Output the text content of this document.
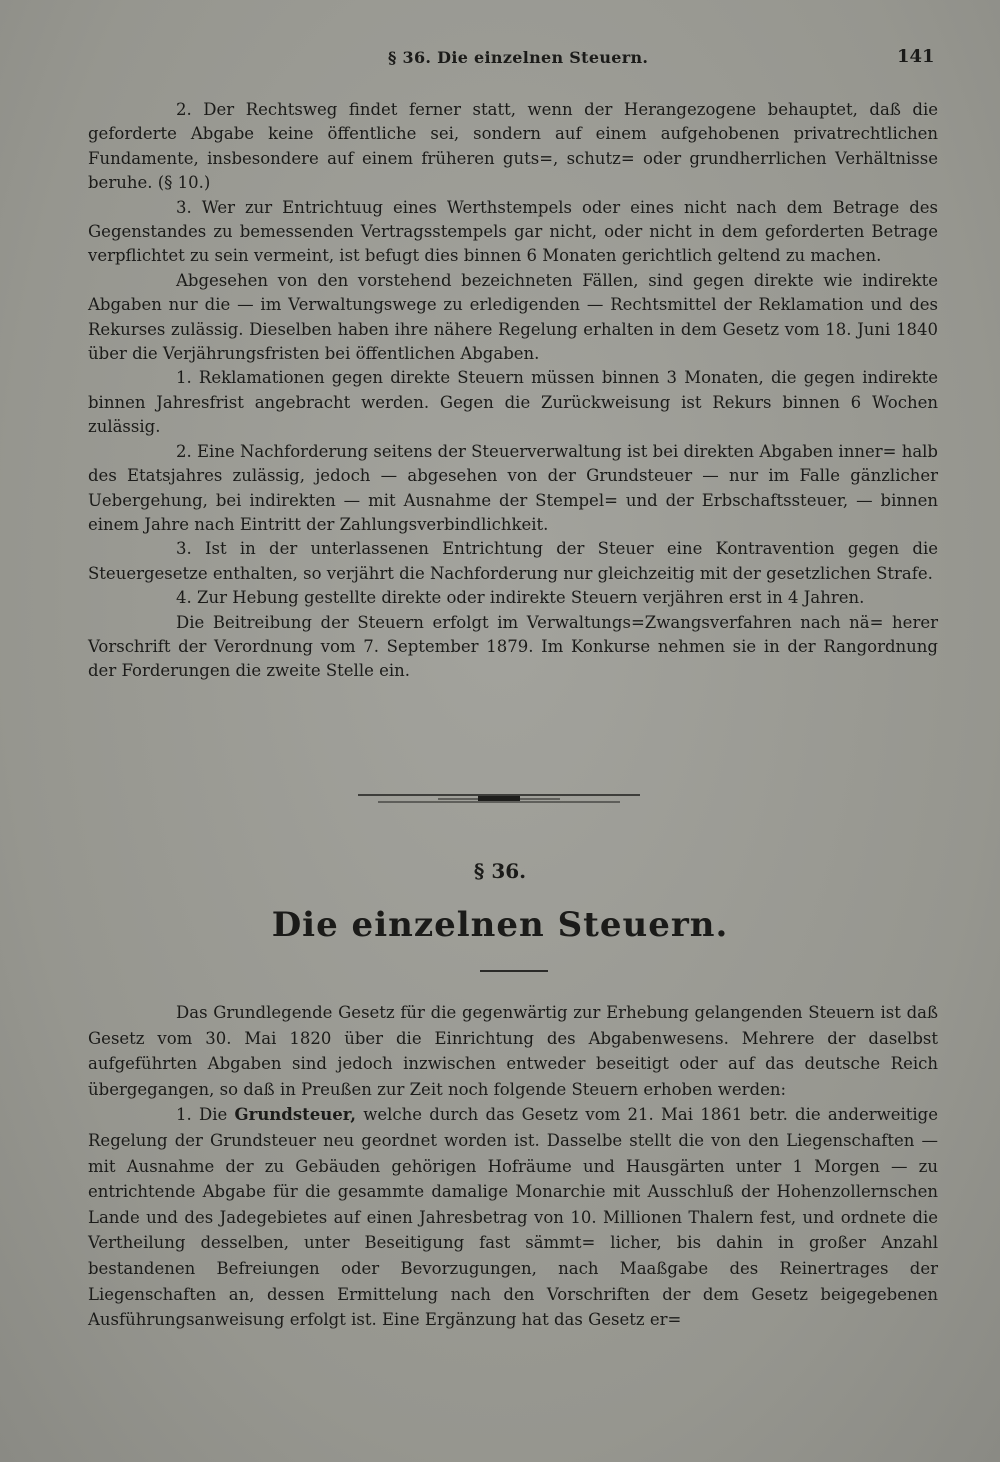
§ 36. Die einzelnen Steuern.	141

2. Der Rechtsweg findet ferner statt, wenn der Herangezogene behauptet, daß die geforderte Abgabe keine öffentliche sei, sondern auf einem aufgehobenen privatrechtlichen Fundamente, insbesondere auf einem früheren guts=, schutz= oder grundherrlichen Verhältnisse beruhe. (§ 10.)

3. Wer zur Entrichtuug eines Werthstempels oder eines nicht nach dem Betrage des Gegenstandes zu bemessenden Vertragsstempels gar nicht, oder nicht in dem geforderten Betrage verpflichtet zu sein vermeint, ist befugt dies binnen 6 Monaten gerichtlich geltend zu machen.

Abgesehen von den vorstehend bezeichneten Fällen, sind gegen direkte wie indirekte Abgaben nur die — im Verwaltungswege zu erledigenden — Rechtsmittel der Reklamation und des Rekurses zulässig. Dieselben haben ihre nähere Regelung erhalten in dem Gesetz vom 18. Juni 1840 über die Verjährungsfristen bei öffentlichen Abgaben.

1. Reklamationen gegen direkte Steuern müssen binnen 3 Monaten, die gegen indirekte binnen Jahresfrist angebracht werden. Gegen die Zurückweisung ist Rekurs binnen 6 Wochen zulässig.

2. Eine Nachforderung seitens der Steuerverwaltung ist bei direkten Abgaben inner= halb des Etatsjahres zulässig, jedoch — abgesehen von der Grundsteuer — nur im Falle gänzlicher Uebergehung, bei indirekten — mit Ausnahme der Stempel= und der Erbschaftssteuer, — binnen einem Jahre nach Eintritt der Zahlungsverbindlichkeit.

3. Ist in der unterlassenen Entrichtung der Steuer eine Kontravention gegen die Steuergesetze enthalten, so verjährt die Nachforderung nur gleichzeitig mit der gesetzlichen Strafe.

4. Zur Hebung gestellte direkte oder indirekte Steuern verjähren erst in 4 Jahren.

Die Beitreibung der Steuern erfolgt im Verwaltungs=Zwangsverfahren nach nä= herer Vorschrift der Verordnung vom 7. September 1879. Im Konkurse nehmen sie in der Rangordnung der Forderungen die zweite Stelle ein.

§ 36.
Die einzelnen Steuern.

Das Grundlegende Gesetz für die gegenwärtig zur Erhebung gelangenden Steuern ist daß Gesetz vom 30. Mai 1820 über die Einrichtung des Abgabenwesens. Mehrere der daselbst aufgeführten Abgaben sind jedoch inzwischen entweder beseitigt oder auf das deutsche Reich übergegangen, so daß in Preußen zur Zeit noch folgende Steuern erhoben werden:

1. Die Grundsteuer, welche durch das Gesetz vom 21. Mai 1861 betr. die anderweitige Regelung der Grundsteuer neu geordnet worden ist. Dasselbe stellt die von den Liegenschaften — mit Ausnahme der zu Gebäuden gehörigen Hofräume und Hausgärten unter 1 Morgen — zu entrichtende Abgabe für die gesammte damalige Monarchie mit Ausschluß der Hohenzollernschen Lande und des Jadegebietes auf einen Jahresbetrag von 10. Millionen Thalern fest, und ordnete die Vertheilung desselben, unter Beseitigung fast sämmt= licher, bis dahin in großer Anzahl bestandenen Befreiungen oder Bevorzugungen, nach Maaßgabe des Reinertrages der Liegenschaften an, dessen Ermittelung nach den Vorschriften der dem Gesetz beigegebenen Ausführungsanweisung erfolgt ist. Eine Ergänzung hat das Gesetz er=
